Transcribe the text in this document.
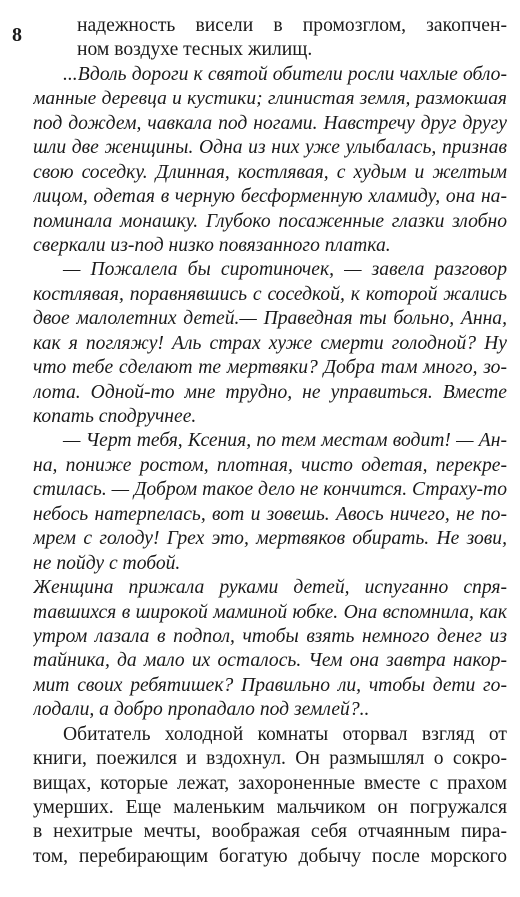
8	надежность висели в промозглом, закопчен-
ном воздухе тесных жилищ.
...Вдоль дороги к святой обители росли чахлые обло-
манные деревца и кустики; глинистая земля, размокшая
под дождем, чавкала под ногами. Навстречу друг другу
шли две женщины. Одна из них уже улыбалась, признав
свою соседку. Длинная, костлявая, с худым и желтым
лицом, одетая в черную бесформенную хламиду, она на-
поминала монашку. Глубоко посаженные глазки злобно
сверкали из-под низко повязанного платка.
— Пожалела бы сиротиночек, — завела разговор
костлявая, поравнявшись с соседкой, к которой жались
двое малолетних детей.— Праведная ты больно, Анна,
как я погляжу! Аль страх хуже смерти голодной? Ну
что тебе сделают те мертвяки? Добра там много, зо-
лота. Одной-то мне трудно, не управиться. Вместе
копать сподручнее.
— Черт тебя, Ксения, по тем местам водит! — Ан-
на, пониже ростом, плотная, чисто одетая, перекре-
стилась. — Добром такое дело не кончится. Страху-то
небось натерпелась, вот и зовешь. Авось ничего, не по-
мрем с голоду! Грех это, мертвяков обирать. Не зови,
не пойду с тобой.
Женщина прижала руками детей, испуганно спря-
тавшихся в широкой маминой юбке. Она вспомнила, как
утром лазала в подпол, чтобы взять немного денег из
тайника, да мало их осталось. Чем она завтра накор-
мит своих ребятишек? Правильно ли, чтобы дети го-
лодали, а добро пропадало под землей?..
Обитатель холодной комнаты оторвал взгляд от
книги, поежился и вздохнул. Он размышлял о сокро-
вищах, которые лежат, захороненные вместе с прахом
умерших. Еще маленьким мальчиком он погружался
в нехитрые мечты, воображая себя отчаянным пира-
том, перебирающим богатую добычу после морского
